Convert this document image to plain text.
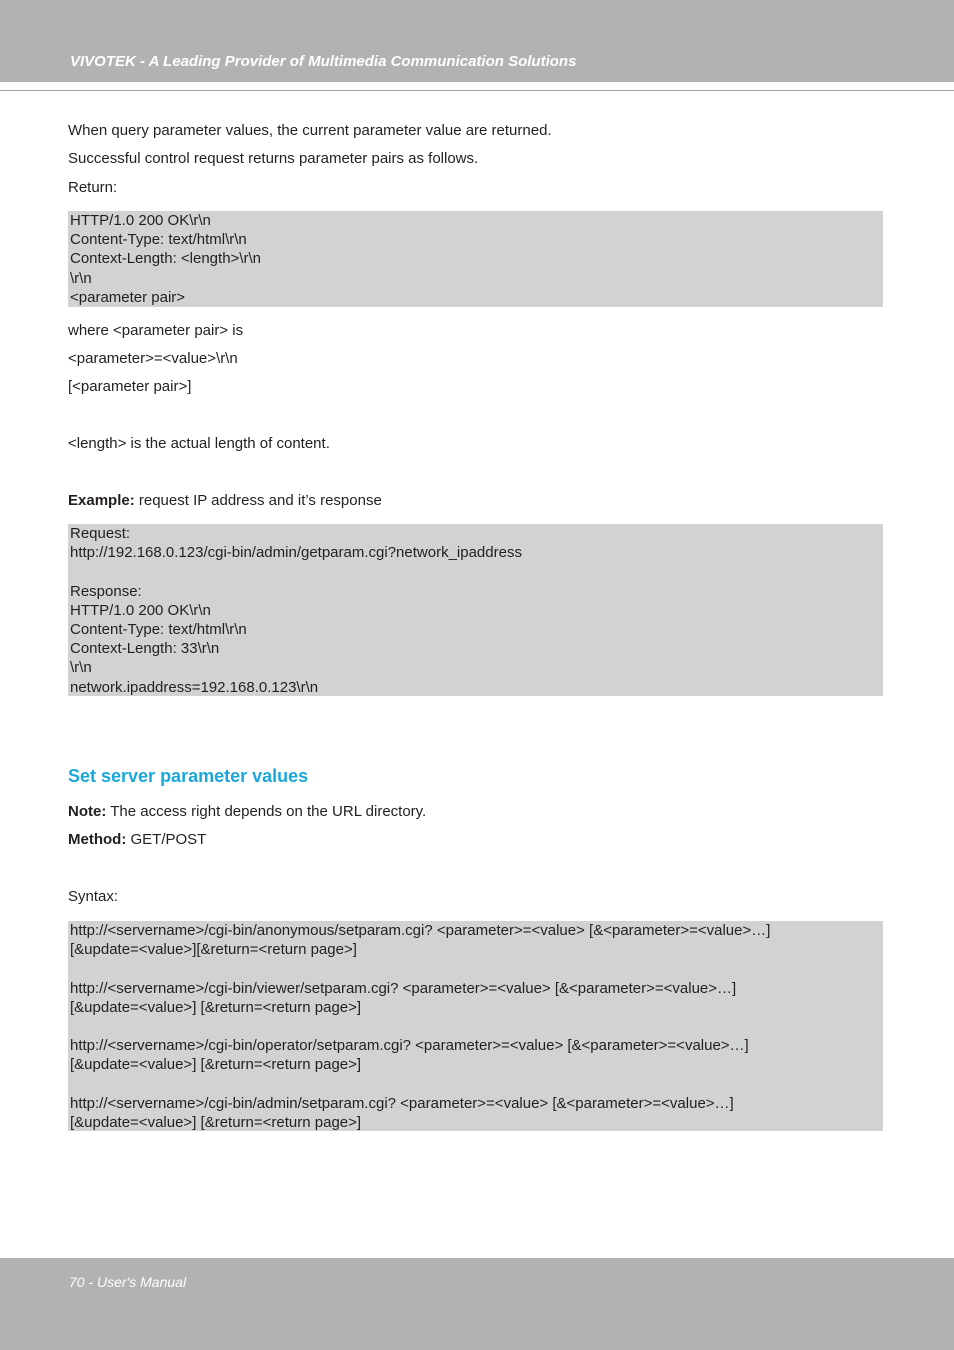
VIVOTEK - A Leading Provider of Multimedia Communication Solutions

When query parameter values, the current parameter value are returned.

Successful control request returns parameter pairs as follows.

Return:

HTTP/1.0 200 OK\r\n
Content-Type: text/html\r\n
Context-Length: <length>\r\n
\r\n
<parameter pair>

where <parameter pair> is

<parameter>=<value>\r\n

[<parameter pair>]

<length> is the actual length of content.

Example: request IP address and it’s response

Request:
http://192.168.0.123/cgi-bin/admin/getparam.cgi?network_ipaddress
Response:
HTTP/1.0 200 OK\r\n
Content-Type: text/html\r\n
Context-Length: 33\r\n
\r\n
network.ipaddress=192.168.0.123\r\n
Set server parameter values

Note: The access right depends on the URL directory.

Method: GET/POST

Syntax:

http://<servername>/cgi-bin/anonymous/setparam.cgi? <parameter>=<value> [&<parameter>=<value>…]
[&update=<value>][&return=<return page>]
http://<servername>/cgi-bin/viewer/setparam.cgi? <parameter>=<value> [&<parameter>=<value>…]
[&update=<value>] [&return=<return page>]
http://<servername>/cgi-bin/operator/setparam.cgi? <parameter>=<value> [&<parameter>=<value>…]
[&update=<value>] [&return=<return page>]
http://<servername>/cgi-bin/admin/setparam.cgi? <parameter>=<value> [&<parameter>=<value>…]
[&update=<value>] [&return=<return page>]
70 - User's Manual
